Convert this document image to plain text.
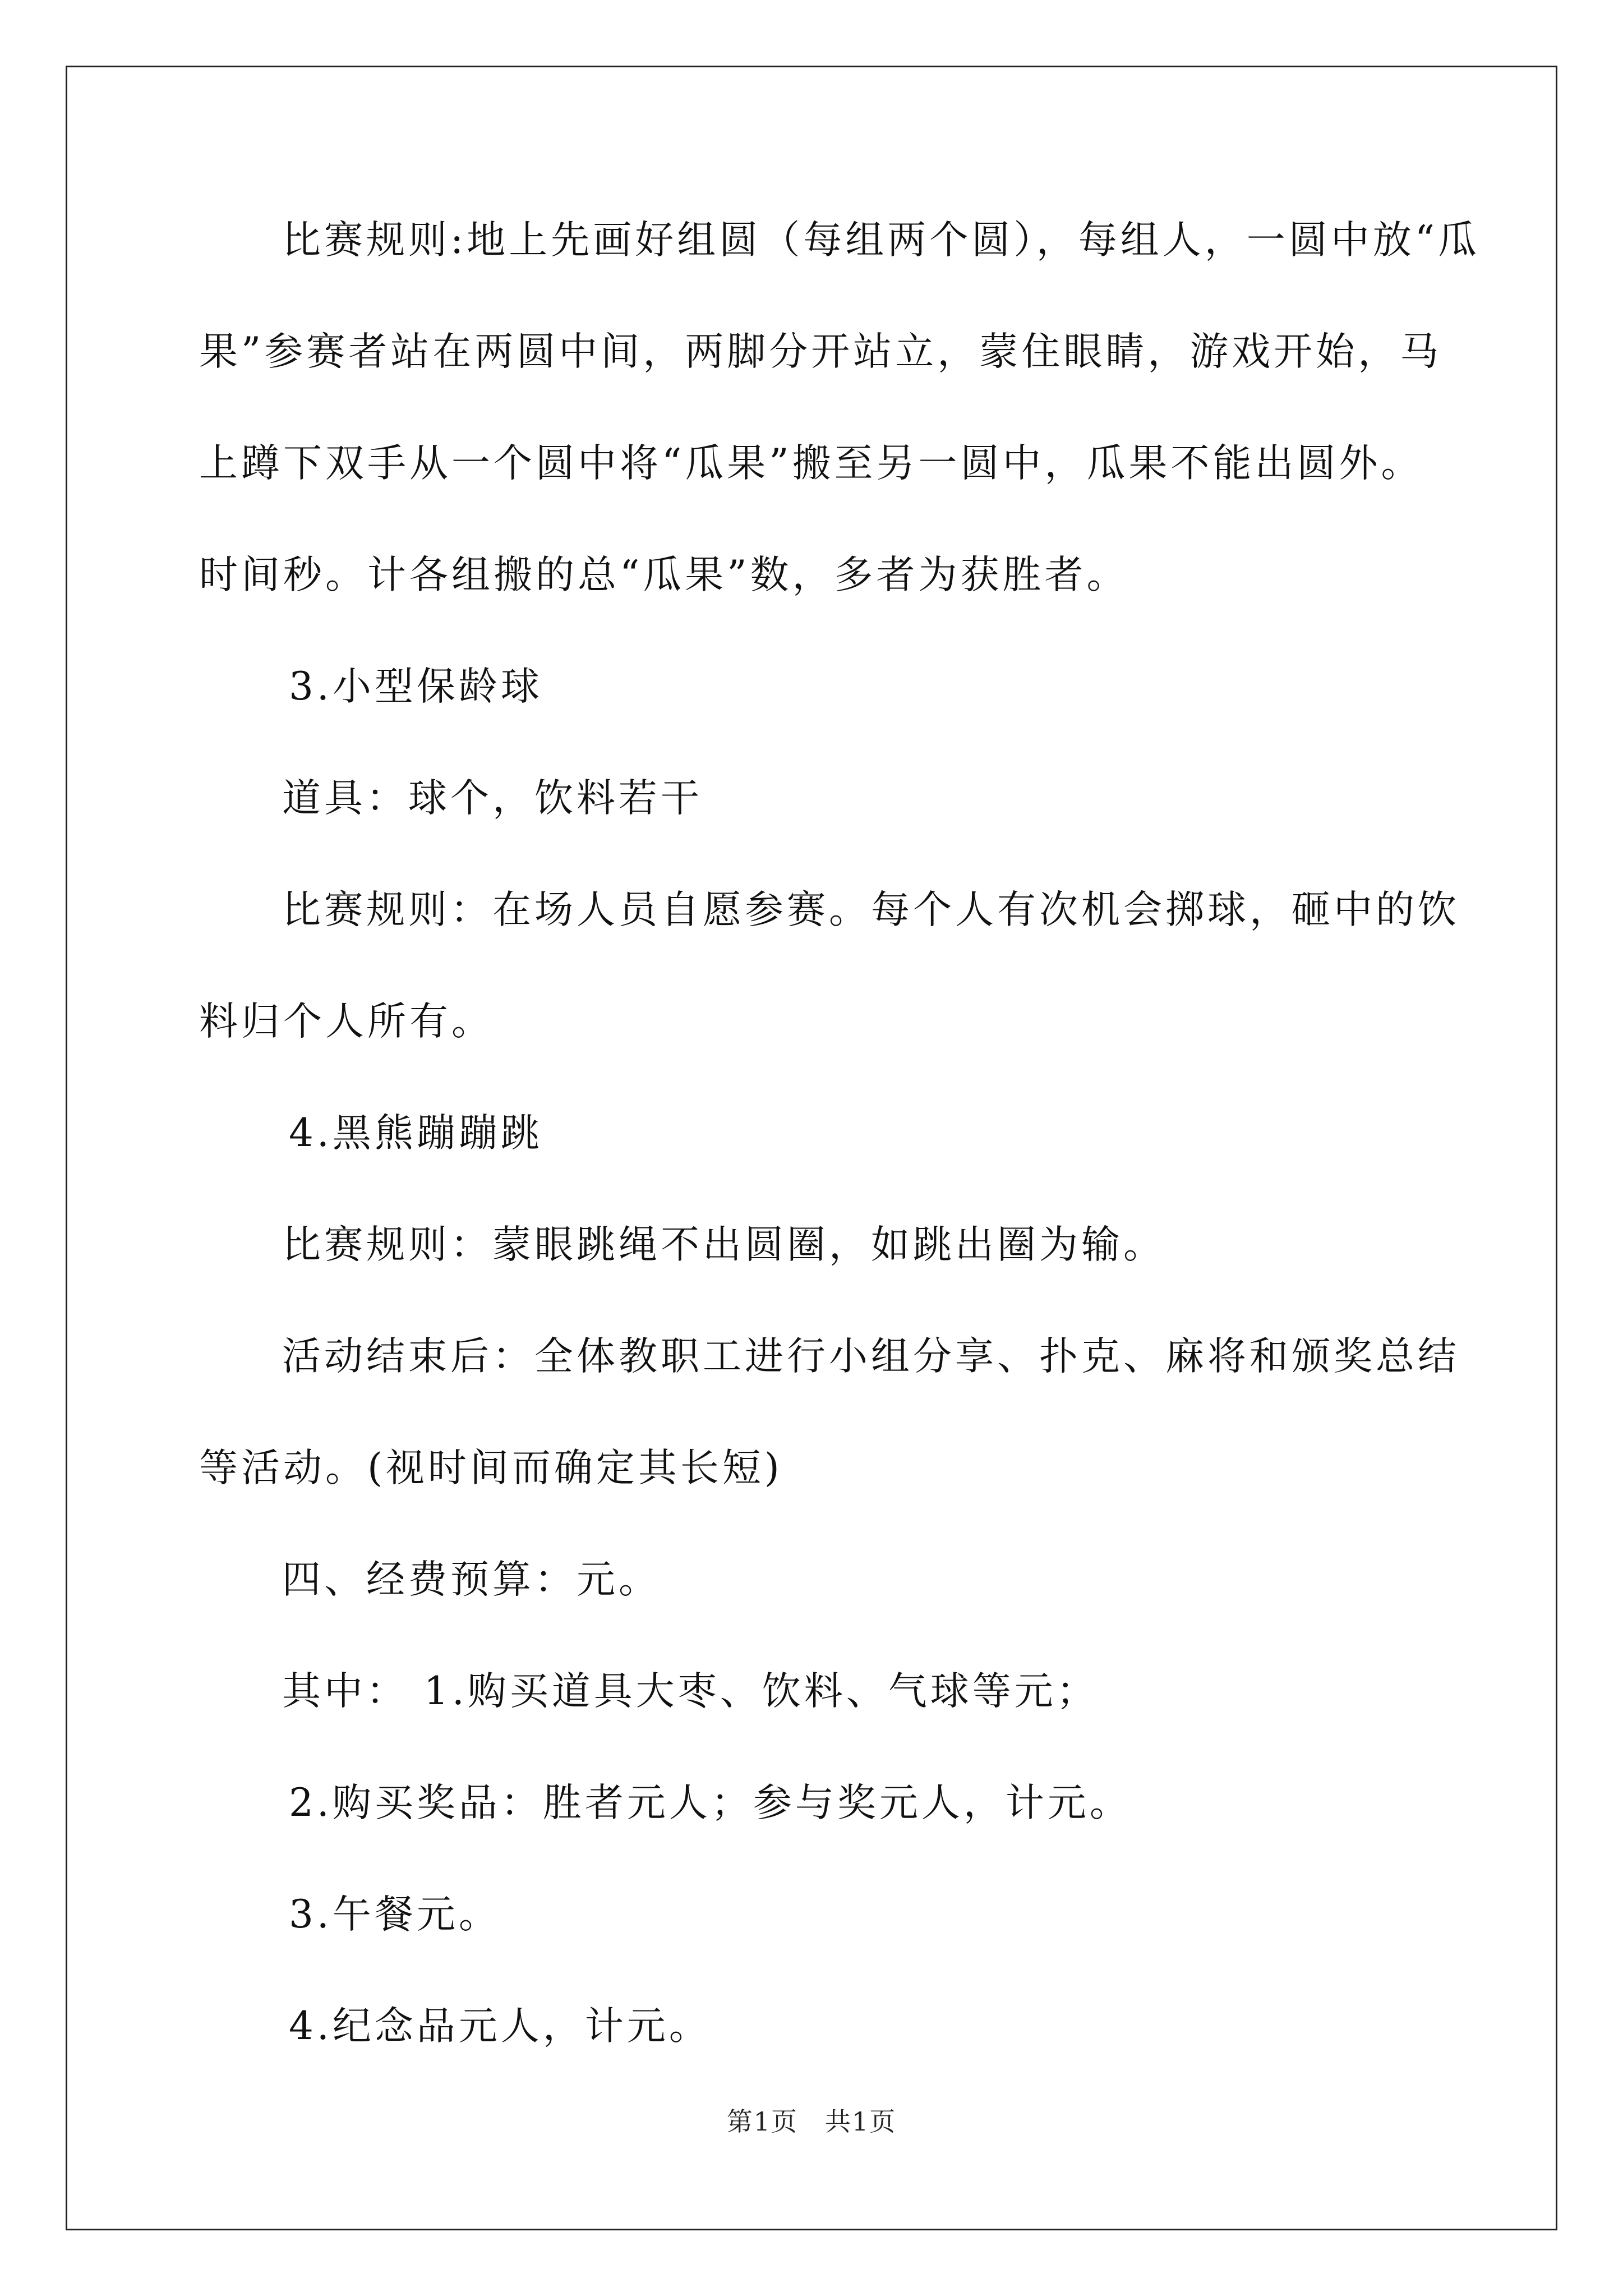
比赛规则:地上先画好组圆（每组两个圆），每组人，一圆中放“瓜
果”参赛者站在两圆中间，两脚分开站立，蒙住眼睛，游戏开始，马
上蹲下双手从一个圆中将“瓜果”搬至另一圆中，瓜果不能出圆外。
时间秒。计各组搬的总“瓜果”数，多者为获胜者。
3.小型保龄球
道具：球个，饮料若干
比赛规则：在场人员自愿参赛。每个人有次机会掷球，砸中的饮
料归个人所有。
4.黑熊蹦蹦跳
比赛规则：蒙眼跳绳不出圆圈，如跳出圈为输。
活动结束后：全体教职工进行小组分享、扑克、麻将和颁奖总结
等活动。(视时间而确定其长短)
四、经费预算：元。
其中： 1.购买道具大枣、饮料、气球等元；
2.购买奖品：胜者元人；参与奖元人，计元。
3.午餐元。
4.纪念品元人，计元。
第1页　共1页
